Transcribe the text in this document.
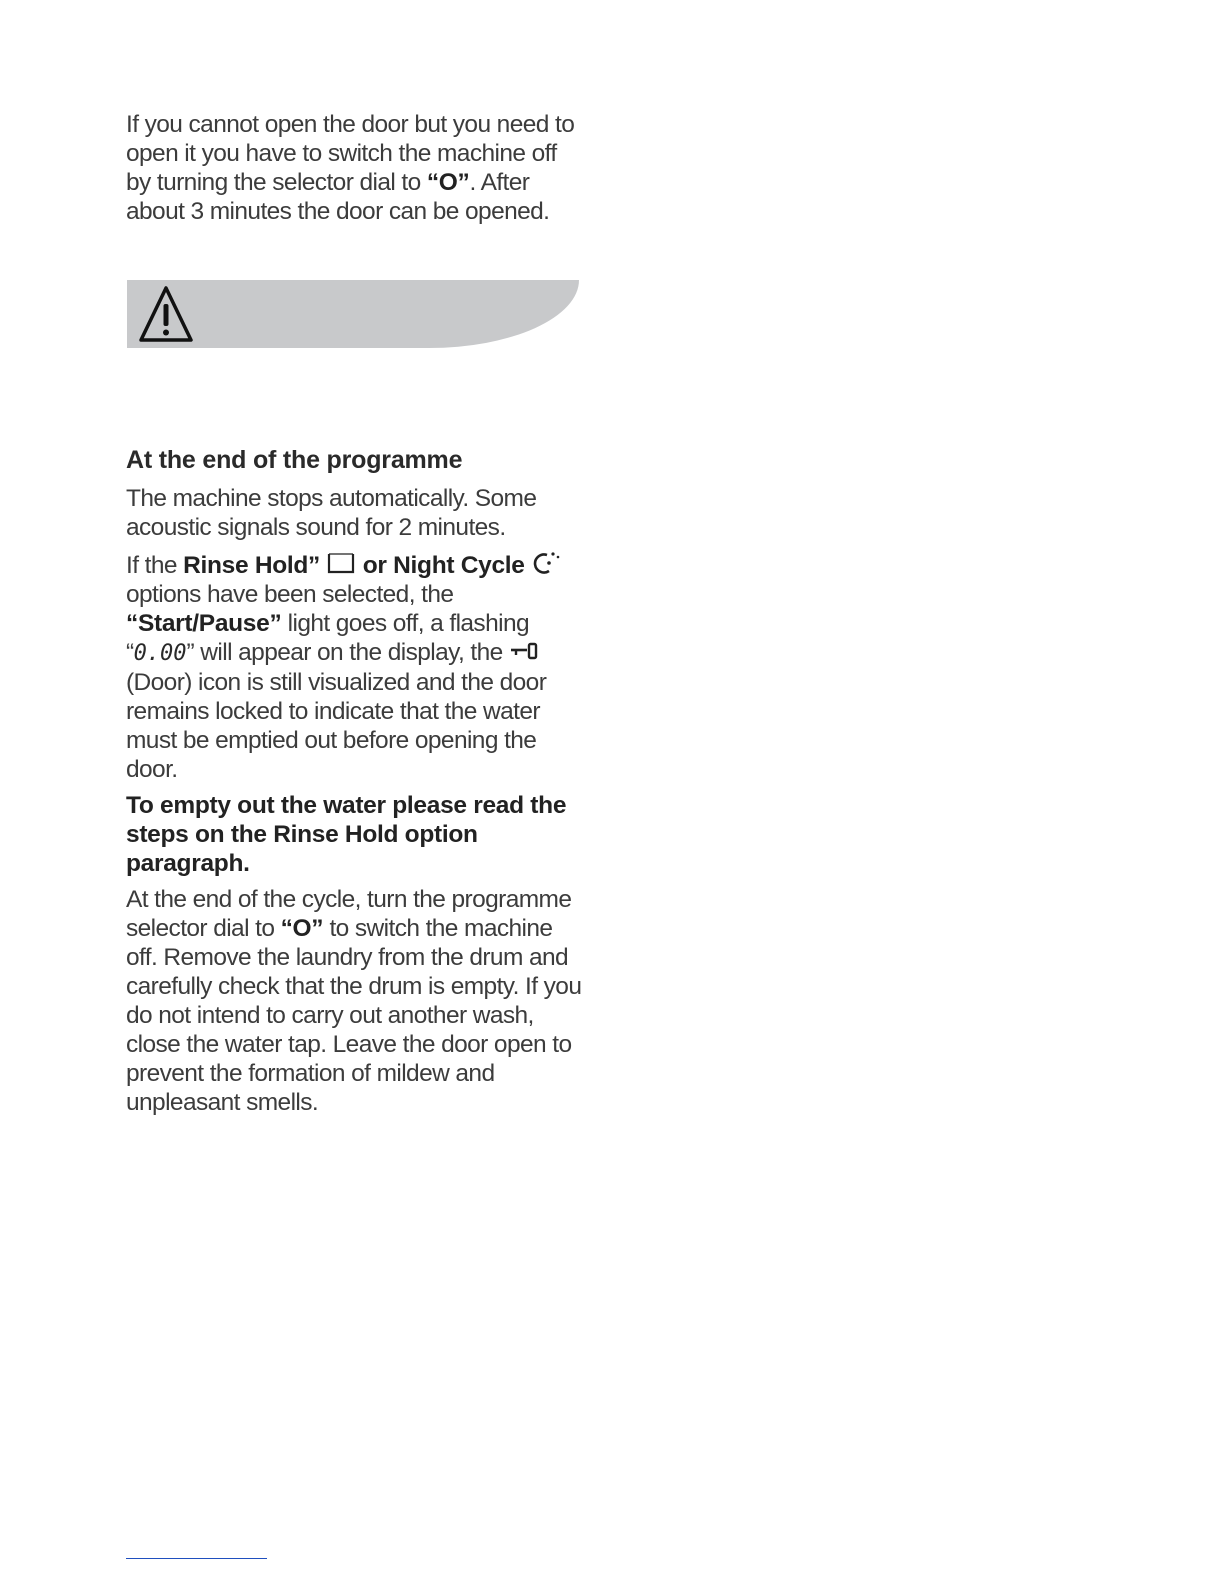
If you cannot open the door but you need to open it you have to switch the machine off by turning the selector dial to “O”. After about 3 minutes the door can be opened.

At the end of the programme

The machine stops automatically. Some acoustic signals sound for 2 minutes.

If the Rinse Hold”  or Night Cycle  options have been selected, the “Start/Pause” light goes off, a flashing “0.00” will appear on the display, the  (Door) icon is still visualized and the door remains locked to indicate that the water must be emptied out before opening the door.

To empty out the water please read the steps on the Rinse Hold option paragraph.

At the end of the cycle, turn the programme selector dial to “O” to switch the machine off. Remove the laundry from the drum and carefully check that the drum is empty. If you do not intend to carry out another wash, close the water tap. Leave the door open to prevent the formation of mildew and unpleasant smells.
